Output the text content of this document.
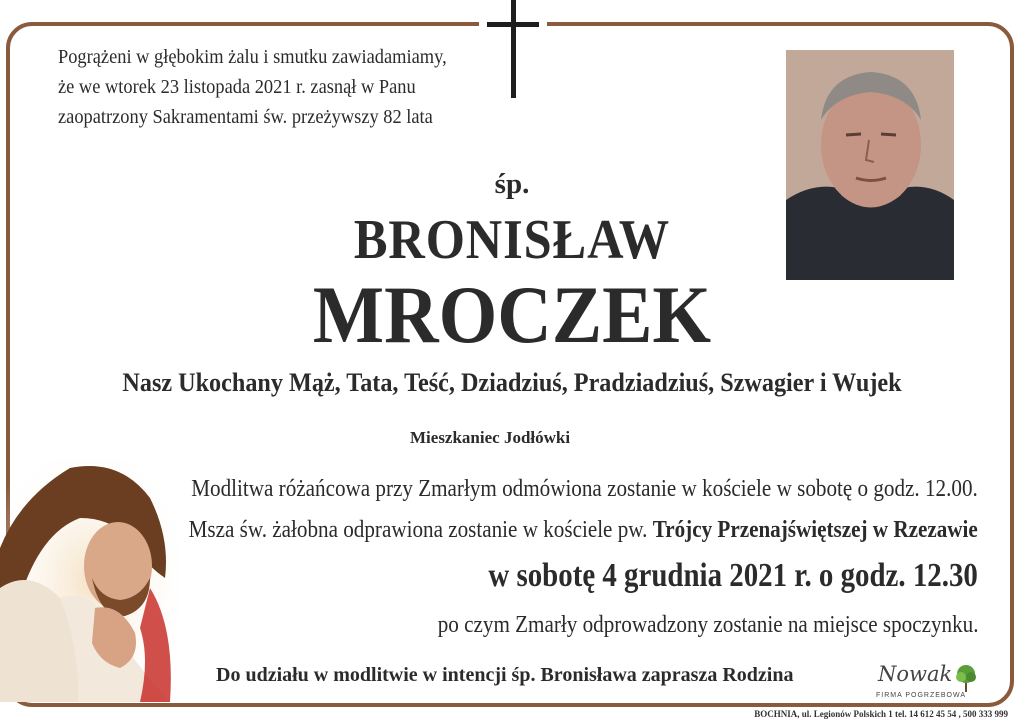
Pogrążeni w głębokim żalu i smutku zawiadamiamy,
że we wtorek 23 listopada 2021 r. zasnął w Panu
zaopatrzony Sakramentami św. przeżywszy 82 lata
śp.
BRONISŁAW
MROCZEK
Nasz Ukochany Mąż, Tata, Teść, Dziadziuś, Pradziadziuś, Szwagier i Wujek
Mieszkaniec Jodłówki
Modlitwa różańcowa przy Zmarłym odmówiona zostanie w kościele w sobotę o godz. 12.00.
Msza św. żałobna odprawiona zostanie w kościele pw. Trójcy Przenajświętszej w Rzezawie
w sobotę 4 grudnia 2021 r. o godz. 12.30
po czym Zmarły odprowadzony zostanie na miejsce spoczynku.
Do udziału w modlitwie w intencji śp. Bronisława zaprasza Rodzina	Nowak
FIRMA POGRZEBOWA
BOCHNIA, ul. Legionów Polskich 1 tel. 14 612 45 54 , 500 333 999
